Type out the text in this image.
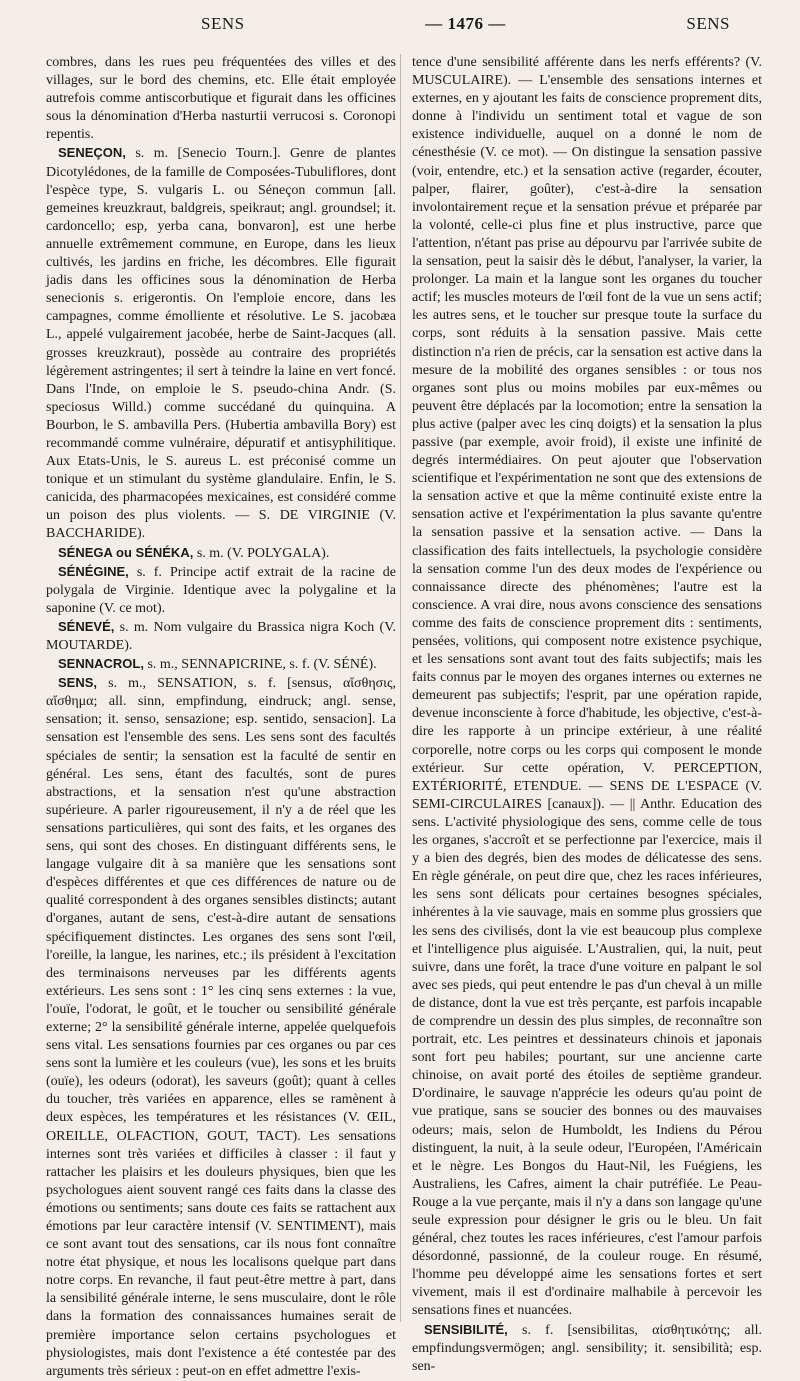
SENS	— 1476 —	SENS

combres, dans les rues peu fréquentées des villes et des villages, sur le bord des chemins, etc. Elle était employée autrefois comme antiscorbutique et figurait dans les officines sous la dénomination d'Herba nasturtii verrucosi s. Coronopi repentis.

SENEÇON, s. m. [Senecio Tourn.]. Genre de plantes Dicotylédones, de la famille de Composées-Tubuliflores, dont l'espèce type, S. vulgaris L. ou Séneçon commun [all. gemeines kreuzkraut, baldgreis, speikraut; angl. groundsel; it. cardoncello; esp, yerba cana, bonvaron], est une herbe annuelle extrêmement commune, en Europe, dans les lieux cultivés, les jardins en friche, les décombres. Elle figurait jadis dans les officines sous la dénomination de Herba senecionis s. erigerontis. On l'emploie encore, dans les campagnes, comme émolliente et résolutive. Le S. jacobæa L., appelé vulgairement jacobée, herbe de Saint-Jacques (all. grosses kreuzkraut), possède au contraire des propriétés légèrement astringentes; il sert à teindre la laine en vert foncé. Dans l'Inde, on emploie le S. pseudo-china Andr. (S. speciosus Willd.) comme succédané du quinquina. A Bourbon, le S. ambavilla Pers. (Hubertia ambavilla Bory) est recommandé comme vulnéraire, dépuratif et antisyphilitique. Aux Etats-Unis, le S. aureus L. est préconisé comme un tonique et un stimulant du système glandulaire. Enfin, le S. canicida, des pharmacopées mexicaines, est considéré comme un poison des plus violents. — S. DE VIRGINIE (V. BACCHARIDE).

SÉNEGA ou SÉNÉKA, s. m. (V. POLYGALA).

SÉNÉGINE, s. f. Principe actif extrait de la racine de polygala de Virginie. Identique avec la polygaline et la saponine (V. ce mot).

SÉNEVÉ, s. m. Nom vulgaire du Brassica nigra Koch (V. MOUTARDE).

SENNACROL, s. m., SENNAPICRINE, s. f. (V. SÉNÉ).

SENS, s. m., SENSATION, s. f. [sensus, αἴσθησις, αἴσθημα; all. sinn, empfindung, eindruck; angl. sense, sensation; it. senso, sensazione; esp. sentido, sensacion]. La sensation est l'ensemble des sens. Les sens sont des facultés spéciales de sentir; la sensation est la faculté de sentir en général. Les sens, étant des facultés, sont de pures abstractions, et la sensation n'est qu'une abstraction supérieure. A parler rigoureusement, il n'y a de réel que les sensations particulières, qui sont des faits, et les organes des sens, qui sont des choses. En distinguant différents sens, le langage vulgaire dit à sa manière que les sensations sont d'espèces différentes et que ces différences de nature ou de qualité correspondent à des organes sensibles distincts; autant d'organes, autant de sens, c'est-à-dire autant de sensations spécifiquement distinctes. Les organes des sens sont l'œil, l'oreille, la langue, les narines, etc.; ils président à l'excitation des terminaisons nerveuses par les différents agents extérieurs. Les sens sont : 1° les cinq sens externes : la vue, l'ouïe, l'odorat, le goût, et le toucher ou sensibilité générale externe; 2° la sensibilité générale interne, appelée quelquefois sens vital. Les sensations fournies par ces organes ou par ces sens sont la lumière et les couleurs (vue), les sons et les bruits (ouïe), les odeurs (odorat), les saveurs (goût); quant à celles du toucher, très variées en apparence, elles se ramènent à deux espèces, les températures et les résistances (V. ŒIL, OREILLE, OLFACTION, GOUT, TACT). Les sensations internes sont très variées et difficiles à classer : il faut y rattacher les plaisirs et les douleurs physiques, bien que les psychologues aient souvent rangé ces faits dans la classe des émotions ou sentiments; sans doute ces faits se rattachent aux émotions par leur caractère intensif (V. SENTIMENT), mais ce sont avant tout des sensations, car ils nous font connaître notre état physique, et nous les localisons quelque part dans notre corps. En revanche, il faut peut-être mettre à part, dans la sensibilité générale interne, le sens musculaire, dont le rôle dans la formation des connaissances humaines serait de première importance selon certains psychologues et physiologistes, mais dont l'existence a été contestée par des arguments très sérieux : peut-on en effet admettre l'exis-

tence d'une sensibilité afférente dans les nerfs efférents? (V. MUSCULAIRE). — L'ensemble des sensations internes et externes, en y ajoutant les faits de conscience proprement dits, donne à l'individu un sentiment total et vague de son existence individuelle, auquel on a donné le nom de cénesthésie (V. ce mot). — On distingue la sensation passive (voir, entendre, etc.) et la sensation active (regarder, écouter, palper, flairer, goûter), c'est-à-dire la sensation involontairement reçue et la sensation prévue et préparée par la volonté, celle-ci plus fine et plus instructive, parce que l'attention, n'étant pas prise au dépourvu par l'arrivée subite de la sensation, peut la saisir dès le début, l'analyser, la varier, la prolonger. La main et la langue sont les organes du toucher actif; les muscles moteurs de l'œil font de la vue un sens actif; les autres sens, et le toucher sur presque toute la surface du corps, sont réduits à la sensation passive. Mais cette distinction n'a rien de précis, car la sensation est active dans la mesure de la mobilité des organes sensibles : or tous nos organes sont plus ou moins mobiles par eux-mêmes ou peuvent être déplacés par la locomotion; entre la sensation la plus active (palper avec les cinq doigts) et la sensation la plus passive (par exemple, avoir froid), il existe une infinité de degrés intermédiaires. On peut ajouter que l'observation scientifique et l'expérimentation ne sont que des extensions de la sensation active et que la même continuité existe entre la sensation active et l'expérimentation la plus savante qu'entre la sensation passive et la sensation active. — Dans la classification des faits intellectuels, la psychologie considère la sensation comme l'un des deux modes de l'expérience ou connaissance directe des phénomènes; l'autre est la conscience. A vrai dire, nous avons conscience des sensations comme des faits de conscience proprement dits : sentiments, pensées, volitions, qui composent notre existence psychique, et les sensations sont avant tout des faits subjectifs; mais les faits connus par le moyen des organes internes ou externes ne demeurent pas subjectifs; l'esprit, par une opération rapide, devenue inconsciente à force d'habitude, les objective, c'est-à-dire les rapporte à un principe extérieur, à une réalité corporelle, notre corps ou les corps qui composent le monde extérieur. Sur cette opération, V. PERCEPTION, EXTÉRIORITÉ, ETENDUE. — SENS DE L'ESPACE (V. SEMI-CIRCULAIRES [canaux]). — || Anthr. Education des sens. L'activité physiologique des sens, comme celle de tous les organes, s'accroît et se perfectionne par l'exercice, mais il y a bien des degrés, bien des modes de délicatesse des sens. En règle générale, on peut dire que, chez les races inférieures, les sens sont délicats pour certaines besognes spéciales, inhérentes à la vie sauvage, mais en somme plus grossiers que les sens des civilisés, dont la vie est beaucoup plus complexe et l'intelligence plus aiguisée. L'Australien, qui, la nuit, peut suivre, dans une forêt, la trace d'une voiture en palpant le sol avec ses pieds, qui peut entendre le pas d'un cheval à un mille de distance, dont la vue est très perçante, est parfois incapable de comprendre un dessin des plus simples, de reconnaître son portrait, etc. Les peintres et dessinateurs chinois et japonais sont fort peu habiles; pourtant, sur une ancienne carte chinoise, on avait porté des étoiles de septième grandeur. D'ordinaire, le sauvage n'apprécie les odeurs qu'au point de vue pratique, sans se soucier des bonnes ou des mauvaises odeurs; mais, selon de Humboldt, les Indiens du Pérou distinguent, la nuit, à la seule odeur, l'Européen, l'Américain et le nègre. Les Bongos du Haut-Nil, les Fuégiens, les Australiens, les Cafres, aiment la chair putréfiée. Le Peau-Rouge a la vue perçante, mais il n'y a dans son langage qu'une seule expression pour désigner le gris ou le bleu. Un fait général, chez toutes les races inférieures, c'est l'amour parfois désordonné, passionné, de la couleur rouge. En résumé, l'homme peu développé aime les sensations fortes et sert vivement, mais il est d'ordinaire malhabile à percevoir les sensations fines et nuancées.

SENSIBILITÉ, s. f. [sensibilitas, αἰσθητικότης; all. empfindungsvermögen; angl. sensibility; it. sensibilità; esp. sen-
